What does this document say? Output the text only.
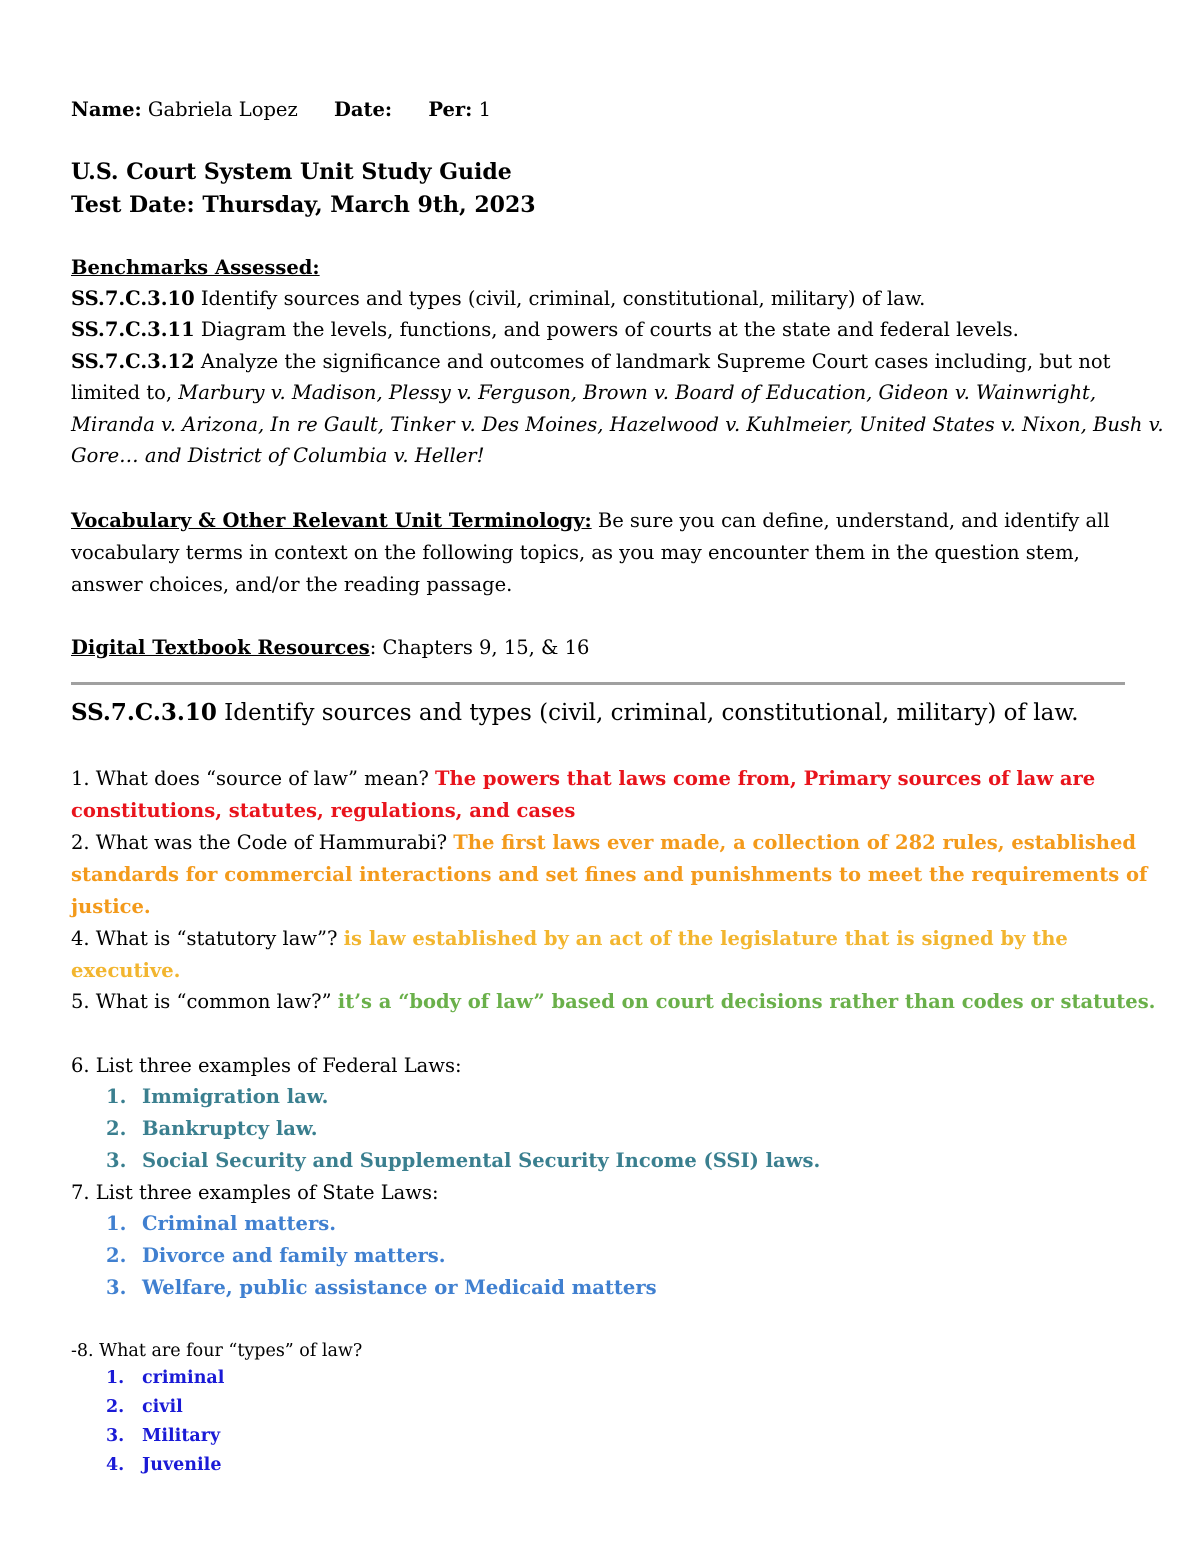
Name: Gabriela Lopez Date: Per: 1
U.S. Court System Unit Study Guide
Test Date: Thursday, March 9th, 2023
Benchmarks Assessed:
SS.7.C.3.10 Identify sources and types (civil, criminal, constitutional, military) of law.
SS.7.C.3.11 Diagram the levels, functions, and powers of courts at the state and federal levels.
SS.7.C.3.12 Analyze the significance and outcomes of landmark Supreme Court cases including, but not
limited to, Marbury v. Madison, Plessy v. Ferguson, Brown v. Board of Education, Gideon v. Wainwright,
Miranda v. Arizona, In re Gault, Tinker v. Des Moines, Hazelwood v. Kuhlmeier, United States v. Nixon, Bush v.
Gore… and District of Columbia v. Heller!
Vocabulary & Other Relevant Unit Terminology: Be sure you can define, understand, and identify all
vocabulary terms in context on the following topics, as you may encounter them in the question stem,
answer choices, and/or the reading passage.
Digital Textbook Resources: Chapters 9, 15, & 16
SS.7.C.3.10 Identify sources and types (civil, criminal, constitutional, military) of law.
1. What does “source of law” mean? The powers that laws come from, Primary sources of law are
constitutions, statutes, regulations, and cases
2. What was the Code of Hammurabi? The first laws ever made, a collection of 282 rules, established
standards for commercial interactions and set fines and punishments to meet the requirements of
justice.
4. What is “statutory law”? is law established by an act of the legislature that is signed by the
executive.
5. What is “common law?” it’s a “body of law” based on court decisions rather than codes or statutes.
6. List three examples of Federal Laws:
1. Immigration law.
2. Bankruptcy law.
3. Social Security and Supplemental Security Income (SSI) laws.
7. List three examples of State Laws:
1. Criminal matters.
2. Divorce and family matters.
3. Welfare, public assistance or Medicaid matters
-8. What are four “types” of law?
1. criminal
2. civil
3. Military
4. Juvenile
